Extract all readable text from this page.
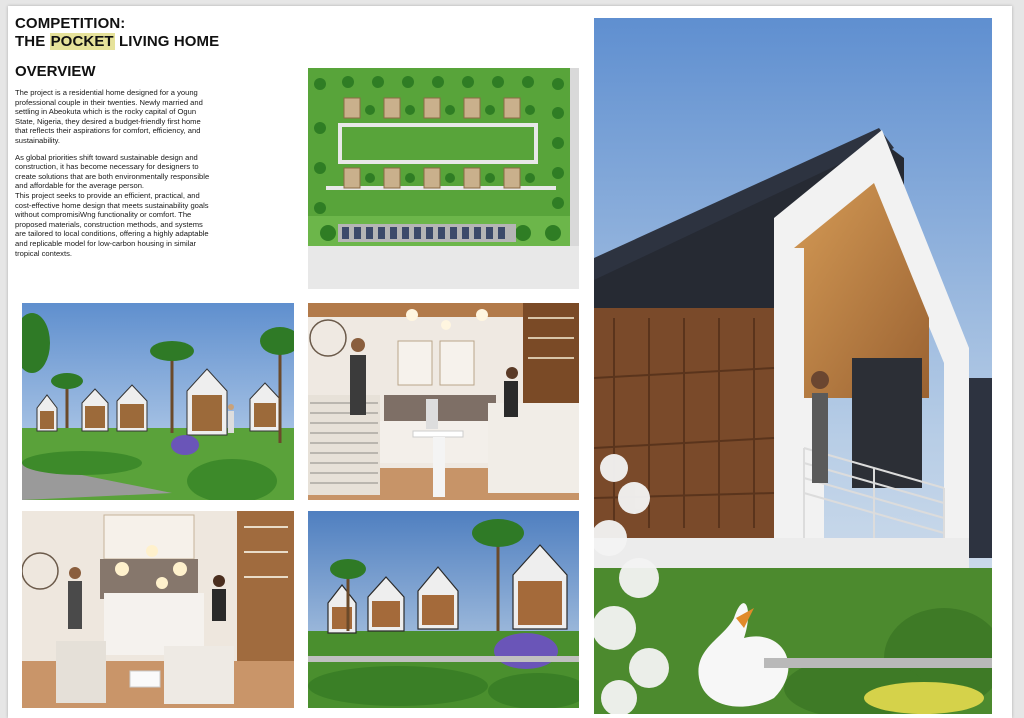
COMPETITION:
THE POCKET LIVING HOME
OVERVIEW

The project is a residential home designed for a young professional couple in their twenties. Newly married and settling in Abeokuta which is the rocky capital of Ogun State, Nigeria, they desired a budget-friendly first home that reflects their aspirations for comfort, efficiency, and sustainability.

As global priorities shift toward sustainable design and construction, it has become necessary for designers to create solutions that are both environmentally responsible and affordable for the average person.

This project seeks to provide an efficient, practical, and cost-effective home design that meets sustainability goals without compromisiWng functionality or comfort. The proposed materials, construction methods, and systems are tailored to local conditions, offering a highly adaptable and replicable model for low-carbon housing in similar tropical contexts.
